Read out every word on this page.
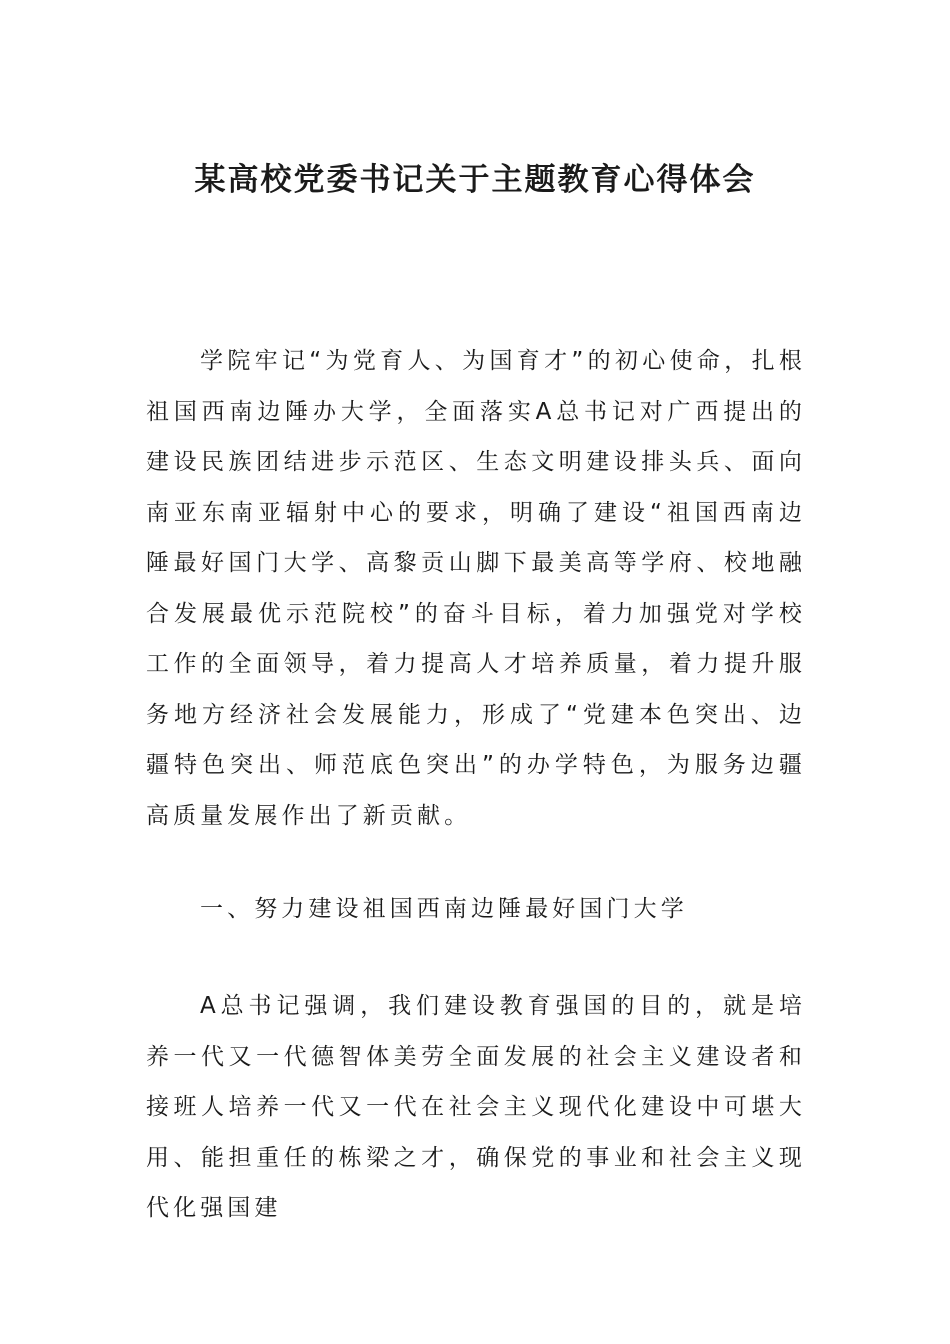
某高校党委书记关于主题教育心得体会

学院牢记“为党育人、为国育才”的初心使命，扎根祖国西南边陲办大学，全面落实A总书记对广西提出的建设民族团结进步示范区、生态文明建设排头兵、面向南亚东南亚辐射中心的要求，明确了建设“祖国西南边陲最好国门大学、高黎贡山脚下最美高等学府、校地融合发展最优示范院校”的奋斗目标，着力加强党对学校工作的全面领导，着力提高人才培养质量，着力提升服务地方经济社会发展能力，形成了“党建本色突出、边疆特色突出、师范底色突出”的办学特色，为服务边疆高质量发展作出了新贡献。

一、努力建设祖国西南边陲最好国门大学

A总书记强调，我们建设教育强国的目的，就是培养一代又一代德智体美劳全面发展的社会主义建设者和接班人培养一代又一代在社会主义现代化建设中可堪大用、能担重任的栋梁之才，确保党的事业和社会主义现代化强国建
